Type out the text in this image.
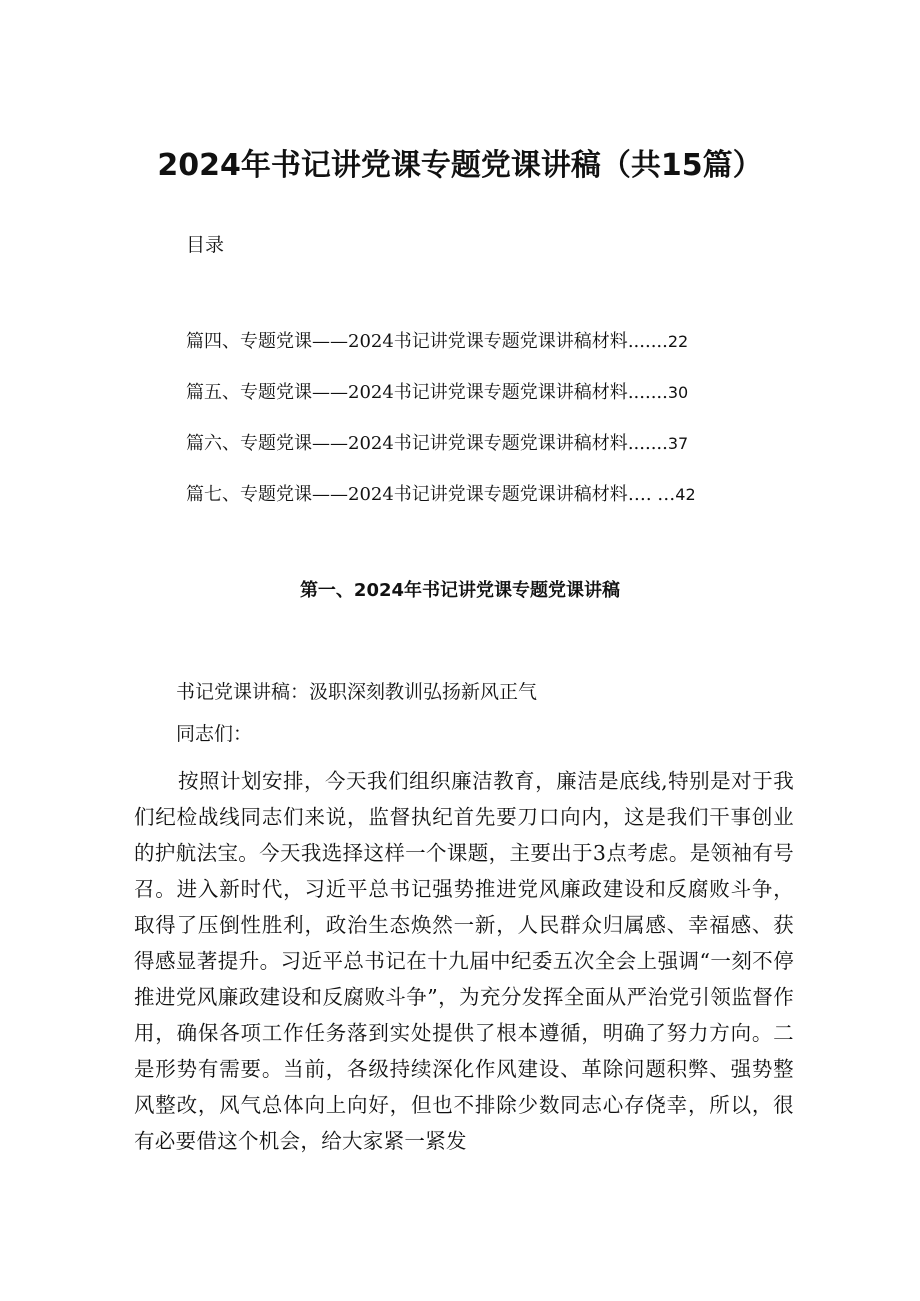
2024年书记讲党课专题党课讲稿（共15篇）
目录
篇四、专题党课——2024书记讲党课专题党课讲稿材料.......22
篇五、专题党课——2024书记讲党课专题党课讲稿材料.......30
篇六、专题党课——2024书记讲党课专题党课讲稿材料.......37
篇七、专题党课——2024书记讲党课专题党课讲稿材料…. …42
第一、2024年书记讲党课专题党课讲稿
书记党课讲稿：汲职深刻教训弘扬新风正气
同志们：

按照计划安排，今天我们组织廉洁教育，廉洁是底线,特别是对于我们纪检战线同志们来说，监督执纪首先要刀口向内，这是我们干事创业的护航法宝。今天我选择这样一个课题，主要出于3点考虑。是领袖有号召。进入新时代，习近平总书记强势推进党风廉政建设和反腐败斗争，取得了压倒性胜利，政治生态焕然一新，人民群众归属感、幸福感、获得感显著提升。习近平总书记在十九届中纪委五次全会上强调“一刻不停推进党风廉政建设和反腐败斗争”，为充分发挥全面从严治党引领监督作用，确保各项工作任务落到实处提供了根本遵循，明确了努力方向。二是形势有需要。当前，各级持续深化作风建设、革除问题积弊、强势整风整改，风气总体向上向好，但也不排除少数同志心存侥幸，所以，很有必要借这个机会，给大家紧一紧发
